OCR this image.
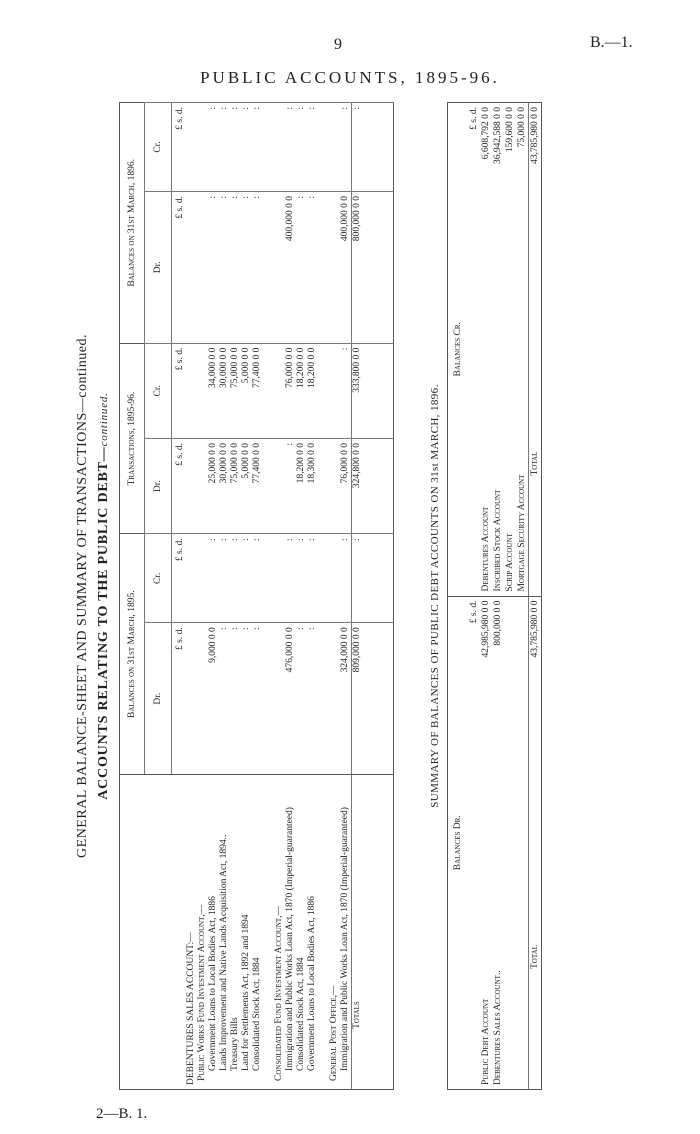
9	B.—1.
PUBLIC ACCOUNTS, 1895-96.
2—B. 1.
GENERAL BALANCE-SHEET AND SUMMARY OF TRANSACTIONS—continued. ACCOUNTS RELATING TO THE PUBLIC DEBT—continued.
	Balances on 31st March, 1895.		Transactions, 1895-96.		Balances on 31st March, 1896.	
	Dr.	Cr.	Dr.	Cr.	Dr.	Cr.
	£ s. d.	£ s. d.	£ s. d.	£ s. d.	£ s. d.	£ s. d.
DEBENTURES SALES ACCOUNT:—						
Public Works Fund Investment Account,—						
Government Loans to Local Bodies Act, 1886	9,000 0 0	:	25,000 0 0	34,000 0 0	:	:
Lands Improvement and Native Lands Acquisition Act, 1894..	:	:	30,000 0 0	30,000 0 0	:	:
Treasury Bills	:	:	75,000 0 0	75,000 0 0	:	:
Land for Settlements Act, 1892 and 1894	:	:	5,000 0 0	5,000 0 0	:	:
Consolidated Stock Act, 1884	:	:	77,400 0 0	77,400 0 0	:	:

Consolidated Fund Investment Account,—						
Immigration and Public Works Loan Act, 1870 (Imperial-guaranteed)	476,000 0 0	:	:	76,000 0 0	400,000 0 0	:
Consolidated Stock Act, 1884	:	:	18,200 0 0	18,200 0 0	:	:
Government Loans to Local Bodies Act, 1886	:	:	18,300 0 0	18,200 0 0	:	:

General Post Office,—						
Immigration and Public Works Loan Act, 1870 (Imperial-guaranteed)	324,000 0 0	:	76,000 0 0	:	400,000 0 0	:
Totals	809,000 0 0	:	324,800 0 0	333,800 0 0	800,000 0 0	:

SUMMARY OF BALANCES OF PUBLIC DEBT ACCOUNTS ON 31st MARCH, 1896.
Balances Dr.		Balances Cr.	
	£ s. d.		£ s. d.
Public Debt Account	42,985,980 0 0	Debentures Account	6,608,792 0 0
Debentures Sales Account..	800,000 0 0	Inscribed Stock Account	36,942,588 0 0
		Scrip Account	159,600 0 0
		Mortgage Security Account	75,000 0 0
Total	43,785,980 0 0	Total	43,785,980 0 0
